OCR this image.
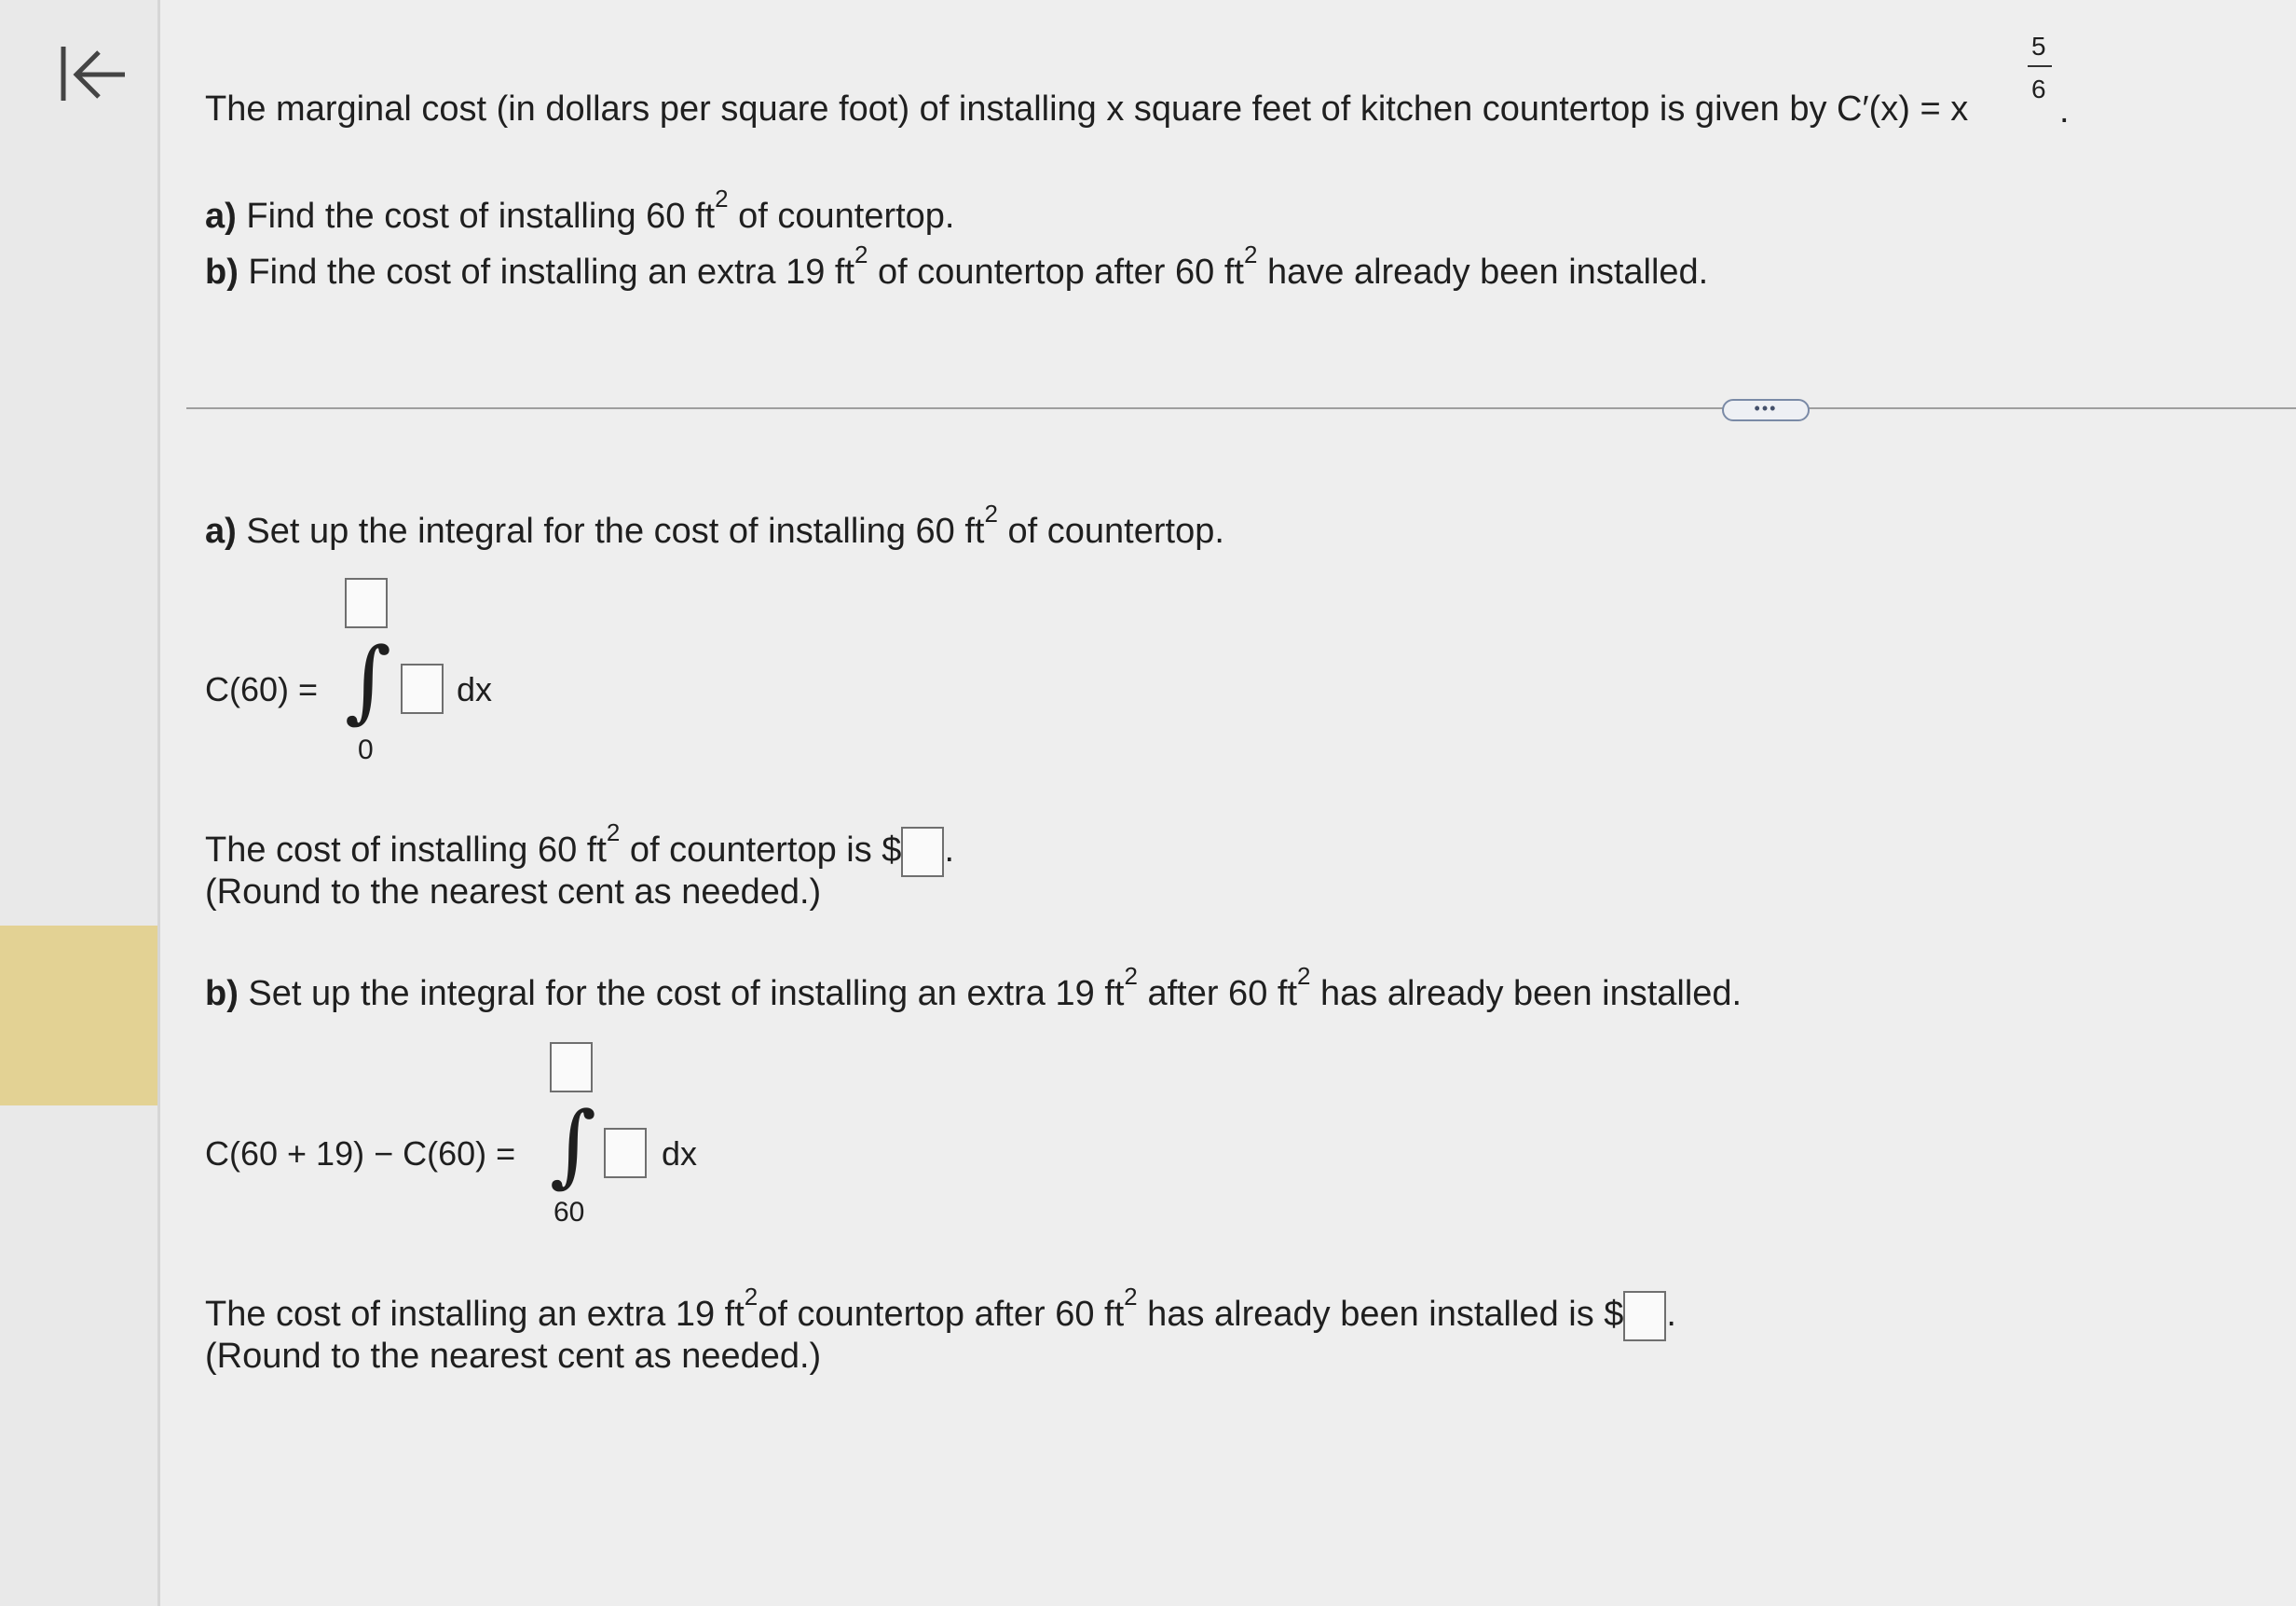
The marginal cost (in dollars per square foot) of installing x square feet of kitchen countertop is given by C′(x) = x
5
6
.
a) Find the cost of installing 60 $ft^2$ of countertop.
b) Find the cost of installing an extra 19 $ft^2$ of countertop after 60 $ft^2$ have already been installed.
•••
a) Set up the integral for the cost of installing 60 $ft^2$ of countertop.
C(60) = ∫ dx
0
The cost of installing 60 $ft^2$ of countertop is $ .
(Round to the nearest cent as needed.)
b) Set up the integral for the cost of installing an extra 19 $ft^2$ after 60 $ft^2$ has already been installed.
C(60 + 19) − C(60) = ∫ dx
60
The cost of installing an extra 19 $ft^2of$ countertop after 60 $ft^2$ has already been installed is $ .
(Round to the nearest cent as needed.)
